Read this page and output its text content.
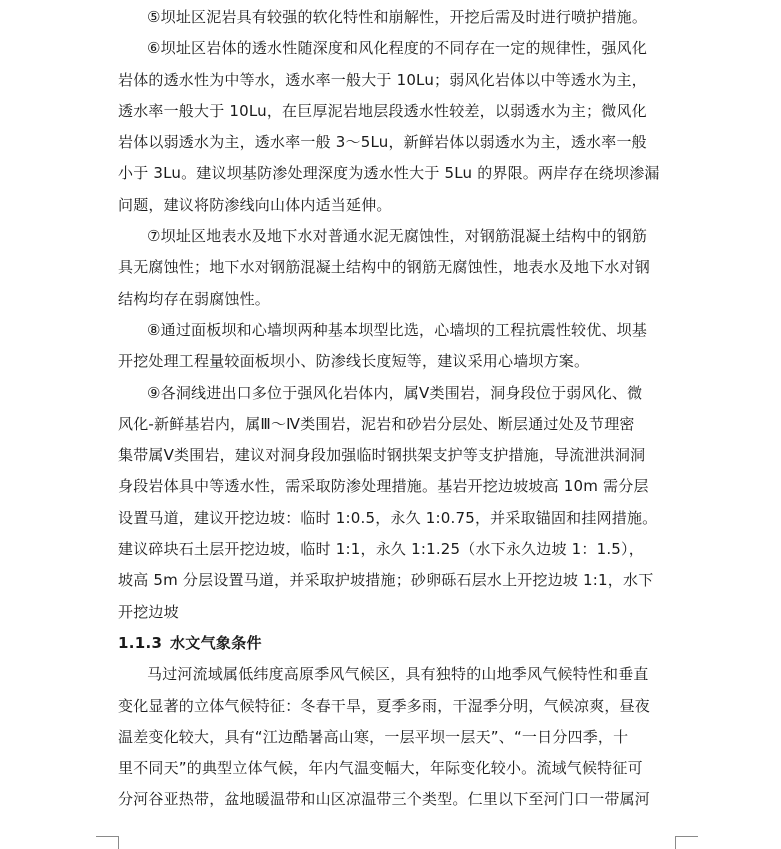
⑤坝址区泥岩具有较强的软化特性和崩解性，开挖后需及时进行喷护措施。
⑥坝址区岩体的透水性随深度和风化程度的不同存在一定的规律性，强风化
岩体的透水性为中等水，透水率一般大于 10Lu；弱风化岩体以中等透水为主，
透水率一般大于 10Lu，在巨厚泥岩地层段透水性较差，以弱透水为主；微风化
岩体以弱透水为主，透水率一般 3～5Lu，新鲜岩体以弱透水为主，透水率一般
小于 3Lu。建议坝基防渗处理深度为透水性大于 5Lu 的界限。两岸存在绕坝渗漏
问题，建议将防渗线向山体内适当延伸。
⑦坝址区地表水及地下水对普通水泥无腐蚀性，对钢筋混凝土结构中的钢筋
具无腐蚀性；地下水对钢筋混凝土结构中的钢筋无腐蚀性，地表水及地下水对钢
结构均存在弱腐蚀性。
⑧通过面板坝和心墙坝两种基本坝型比选，心墙坝的工程抗震性较优、坝基
开挖处理工程量较面板坝小、防渗线长度短等，建议采用心墙坝方案。
⑨各洞线进出口多位于强风化岩体内，属Ⅴ类围岩，洞身段位于弱风化、微
风化-新鲜基岩内，属Ⅲ～Ⅳ类围岩，泥岩和砂岩分层处、断层通过处及节理密
集带属Ⅴ类围岩，建议对洞身段加强临时钢拱架支护等支护措施，导流泄洪洞洞
身段岩体具中等透水性，需采取防渗处理措施。基岩开挖边坡坡高 10m 需分层
设置马道，建议开挖边坡：临时 1:0.5，永久 1:0.75，并采取锚固和挂网措施。
建议碎块石土层开挖边坡，临时 1:1，永久 1:1.25（水下永久边坡 1：1.5），
坡高 5m 分层设置马道，并采取护坡措施；砂卵砾石层水上开挖边坡 1:1，水下
开挖边坡
1.1.3 水文气象条件
马过河流域属低纬度高原季风气候区，具有独特的山地季风气候特性和垂直
变化显著的立体气候特征：冬春干旱，夏季多雨，干湿季分明，气候凉爽，昼夜
温差变化较大，具有“江边酷暑高山寒，一层平坝一层天”、“一日分四季，十
里不同天”的典型立体气候，年内气温变幅大，年际变化较小。流域气候特征可
分河谷亚热带，盆地暖温带和山区凉温带三个类型。仁里以下至河门口一带属河
